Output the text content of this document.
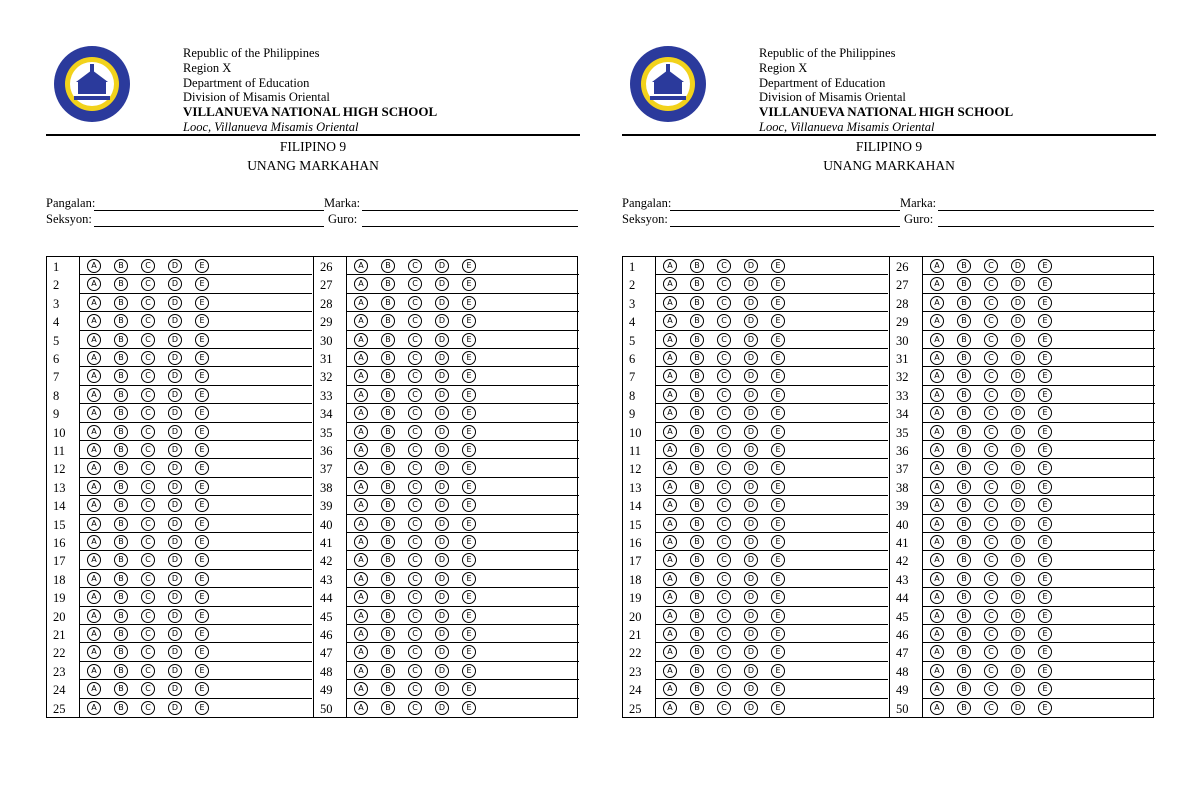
Republic of the Philippines
Region X
Department of Education
Division of Misamis Oriental
VILLANUEVA NATIONAL HIGH SCHOOL
Looc, Villanueva Misamis Oriental
FILIPINO 9
UNANG MARKAHAN
Pangalan:	Marka:
Seksyon:	Guro:
1	A	B	C	D	E
2	A	B	C	D	E
3	A	B	C	D	E
4	A	B	C	D	E
5	A	B	C	D	E
6	A	B	C	D	E
7	A	B	C	D	E
8	A	B	C	D	E
9	A	B	C	D	E
10	A	B	C	D	E
11	A	B	C	D	E
12	A	B	C	D	E
13	A	B	C	D	E
14	A	B	C	D	E
15	A	B	C	D	E
16	A	B	C	D	E
17	A	B	C	D	E
18	A	B	C	D	E
19	A	B	C	D	E
20	A	B	C	D	E
21	A	B	C	D	E
22	A	B	C	D	E
23	A	B	C	D	E
24	A	B	C	D	E
25	A	B	C	D	E
26	A	B	C	D	E
27	A	B	C	D	E
28	A	B	C	D	E
29	A	B	C	D	E
30	A	B	C	D	E
31	A	B	C	D	E
32	A	B	C	D	E
33	A	B	C	D	E
34	A	B	C	D	E
35	A	B	C	D	E
36	A	B	C	D	E
37	A	B	C	D	E
38	A	B	C	D	E
39	A	B	C	D	E
40	A	B	C	D	E
41	A	B	C	D	E
42	A	B	C	D	E
43	A	B	C	D	E
44	A	B	C	D	E
45	A	B	C	D	E
46	A	B	C	D	E
47	A	B	C	D	E
48	A	B	C	D	E
49	A	B	C	D	E
50	A	B	C	D	E
Republic of the Philippines
Region X
Department of Education
Division of Misamis Oriental
VILLANUEVA NATIONAL HIGH SCHOOL
Looc, Villanueva Misamis Oriental
FILIPINO 9
UNANG MARKAHAN
Pangalan:	Marka:
Seksyon:	Guro:
1	A	B	C	D	E
2	A	B	C	D	E
3	A	B	C	D	E
4	A	B	C	D	E
5	A	B	C	D	E
6	A	B	C	D	E
7	A	B	C	D	E
8	A	B	C	D	E
9	A	B	C	D	E
10	A	B	C	D	E
11	A	B	C	D	E
12	A	B	C	D	E
13	A	B	C	D	E
14	A	B	C	D	E
15	A	B	C	D	E
16	A	B	C	D	E
17	A	B	C	D	E
18	A	B	C	D	E
19	A	B	C	D	E
20	A	B	C	D	E
21	A	B	C	D	E
22	A	B	C	D	E
23	A	B	C	D	E
24	A	B	C	D	E
25	A	B	C	D	E
26	A	B	C	D	E
27	A	B	C	D	E
28	A	B	C	D	E
29	A	B	C	D	E
30	A	B	C	D	E
31	A	B	C	D	E
32	A	B	C	D	E
33	A	B	C	D	E
34	A	B	C	D	E
35	A	B	C	D	E
36	A	B	C	D	E
37	A	B	C	D	E
38	A	B	C	D	E
39	A	B	C	D	E
40	A	B	C	D	E
41	A	B	C	D	E
42	A	B	C	D	E
43	A	B	C	D	E
44	A	B	C	D	E
45	A	B	C	D	E
46	A	B	C	D	E
47	A	B	C	D	E
48	A	B	C	D	E
49	A	B	C	D	E
50	A	B	C	D	E
